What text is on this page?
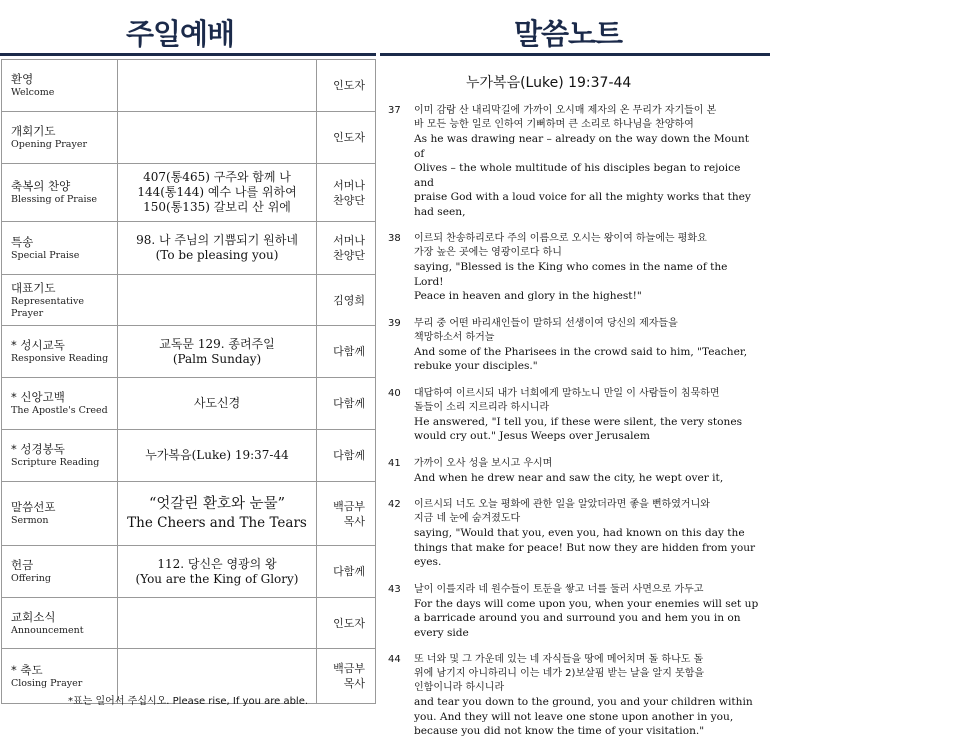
주일예배	말씀노트
환영
Welcome		인도자

개회기도
Opening Prayer		인도자

축복의 찬양
Blessing of Praise	407(통465) 구주와 함께 나
144(통144) 예수 나를 위하여
150(통135) 갈보리 산 위에	서머나
찬양단

특송
Special Praise	98. 나 주님의 기쁨되기 원하네
(To be pleasing you)	서머나
찬양단

대표기도
Representative Prayer		김영희

* 성시교독
Responsive Reading	교독문 129. 종려주일
(Palm Sunday)	다함께

* 신앙고백
The Apostle's Creed	사도신경	다함께

* 성경봉독
Scripture Reading	누가복음(Luke) 19:37-44	다함께

말씀선포
Sermon	“엇갈린 환호와 눈물”
The Cheers and The Tears	백금부
목사

헌금
Offering	112. 당신은 영광의 왕
(You are the King of Glory)	다함께

교회소식
Announcement		인도자

* 축도
Closing Prayer		백금부
목사
*표는 일어서 주십시오. Please rise, If you are able.
누가복음(Luke) 19:37-44
37 이미 감람 산 내리막길에 가까이 오시매 제자의 온 무리가 자기들이 본
바 모든 능한 일로 인하여 기뻐하며 큰 소리로 하나님을 찬양하여
As he was drawing near – already on the way down the Mount of
Olives – the whole multitude of his disciples began to rejoice and
praise God with a loud voice for all the mighty works that they
had seen,
38 이르되 찬송하리로다 주의 이름으로 오시는 왕이여 하늘에는 평화요
가장 높은 곳에는 영광이로다 하니
saying, "Blessed is the King who comes in the name of the Lord!
Peace in heaven and glory in the highest!"
39 무리 중 어떤 바리새인들이 말하되 선생이여 당신의 제자들을
책망하소서 하거늘
And some of the Pharisees in the crowd said to him, "Teacher,
rebuke your disciples."
40 대답하여 이르시되 내가 너희에게 말하노니 만일 이 사람들이 침묵하면
돌들이 소리 지르리라 하시니라
He answered, "I tell you, if these were silent, the very stones
would cry out." Jesus Weeps over Jerusalem
41 가까이 오사 성을 보시고 우시며
And when he drew near and saw the city, he wept over it,
42 이르시되 너도 오늘 평화에 관한 일을 알았더라면 좋을 뻔하였거니와
지금 네 눈에 숨겨졌도다
saying, "Would that you, even you, had known on this day the
things that make for peace! But now they are hidden from your
eyes.
43 날이 이를지라 네 원수들이 토둔을 쌓고 너를 둘러 사면으로 가두고
For the days will come upon you, when your enemies will set up
a barricade around you and surround you and hem you in on
every side
44 또 너와 및 그 가운데 있는 네 자식들을 땅에 메어치며 돌 하나도 돌
위에 남기지 아니하리니 이는 네가 2)보살핌 받는 날을 알지 못함을
인함이니라 하시니라
and tear you down to the ground, you and your children within
you. And they will not leave one stone upon another in you,
because you did not know the time of your visitation."
